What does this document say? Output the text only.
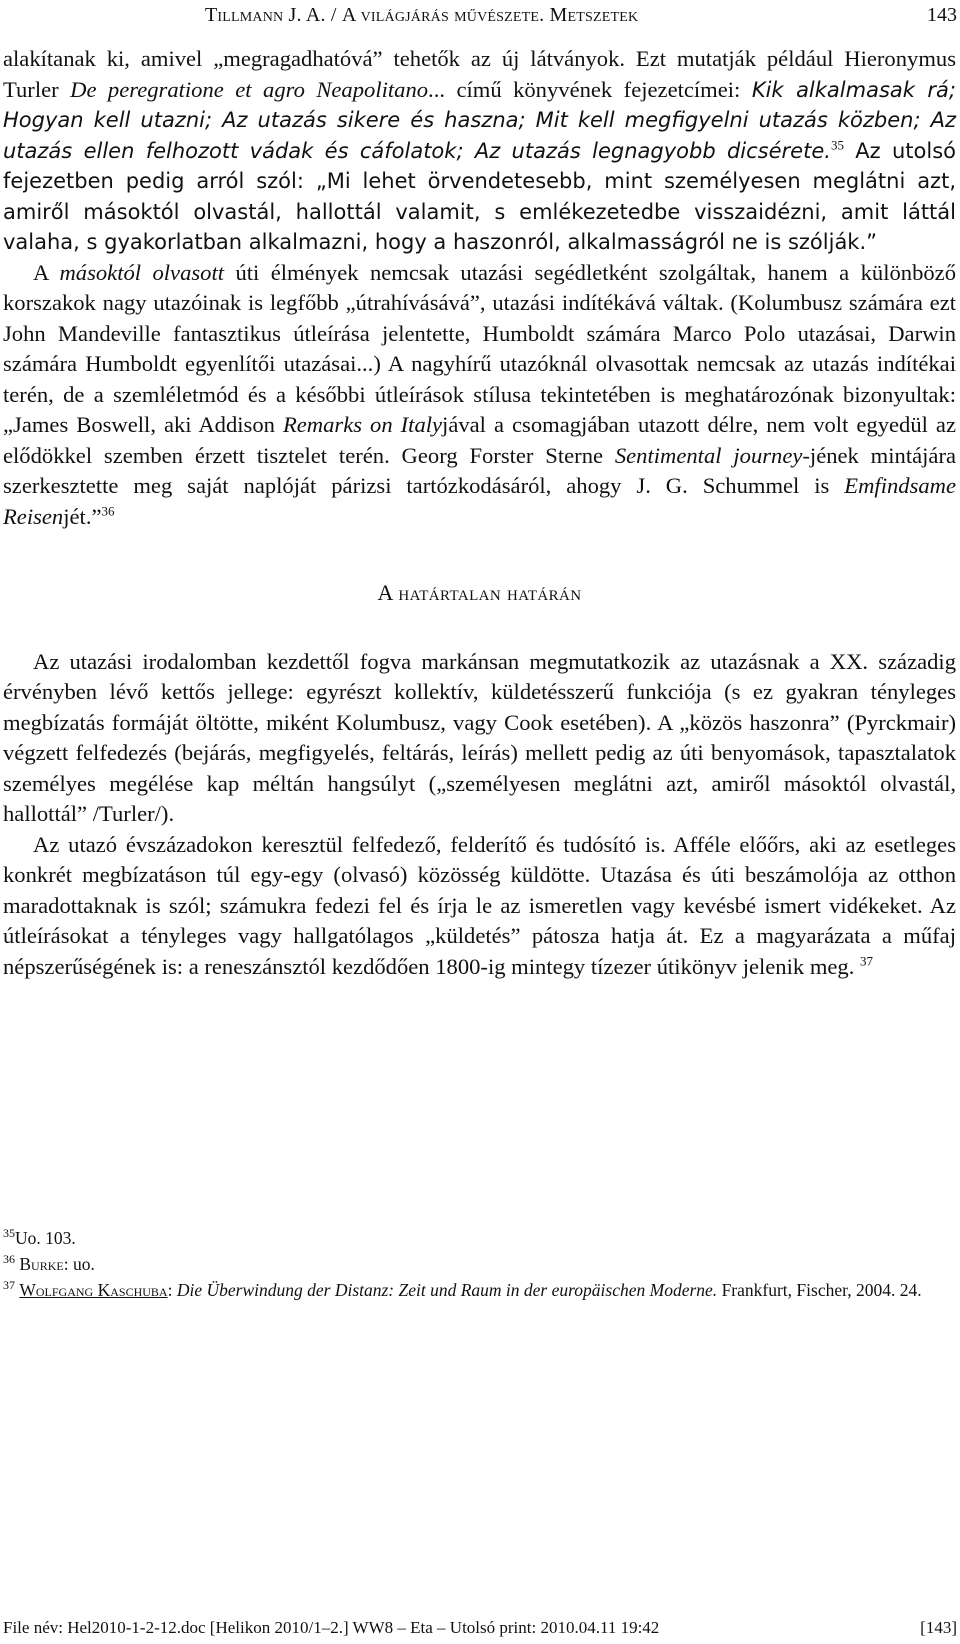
Tillmann J. A. / A világjárás művészete. Metszetek	143

alakítanak ki, amivel „megragadhatóvá” tehetők az új látványok. Ezt mutatják például Hieronymus Turler De peregratione et agro Neapolitano... című könyvének fejezetcímei: Kik alkalmasak rá; Hogyan kell utazni; Az utazás sikere és haszna; Mit kell megfigyelni utazás közben; Az utazás ellen felhozott vádak és cáfolatok; Az utazás legnagyobb dicsérete.$^{35}$ Az utolsó fejezetben pedig arról szól: „Mi lehet örvendetesebb, mint személyesen meglátni azt, amiről másoktól olvastál, hallottál valamit, s emlékezetedbe visszaidézni, amit láttál valaha, s gyakorlatban alkalmazni, hogy a haszonról, alkalmasságról ne is szólják.”

A másoktól olvasott úti élmények nemcsak utazási segédletként szolgáltak, hanem a különböző korszakok nagy utazóinak is legfőbb „útrahívásává”, utazási indítékává váltak. (Kolumbusz számára ezt John Mandeville fantasztikus útleírása jelentette, Humboldt számára Marco Polo utazásai, Darwin számára Humboldt egyenlítői utazásai...) A nagyhírű utazóknál olvasottak nemcsak az utazás indítékai terén, de a szemléletmód és a későbbi útleírások stílusa tekintetében is meghatározónak bizonyultak: „James Boswell, aki Addison Remarks on Italyjával a csomagjában utazott délre, nem volt egyedül az elődökkel szemben érzett tisztelet terén. Georg Forster Sterne Sentimental journey-jének mintájára szerkesztette meg saját naplóját párizsi tartózkodásáról, ahogy J. G. Schummel is Emfindsame Reisenjét.”$^{36}$

A határtalan határán

Az utazási irodalomban kezdettől fogva markánsan megmutatkozik az utazásnak a XX. századig érvényben lévő kettős jellege: egyrészt kollektív, küldetésszerű funkciója (s ez gyakran tényleges megbízatás formáját öltötte, miként Kolumbusz, vagy Cook esetében). A „közös haszonra” (Pyrckmair) végzett felfedezés (bejárás, megfigyelés, feltárás, leírás) mellett pedig az úti benyomások, tapasztalatok személyes megélése kap méltán hangsúlyt („személyesen meglátni azt, amiről másoktól olvastál, hallottál” /Turler/).

Az utazó évszázadokon keresztül felfedező, felderítő és tudósító is. Afféle előőrs, aki az esetleges konkrét megbízatáson túl egy-egy (olvasó) közösség küldötte. Utazása és úti beszámolója az otthon maradottaknak is szól; számukra fedezi fel és írja le az ismeretlen vagy kevésbé ismert vidékeket. Az útleírásokat a tényleges vagy hallgatólagos „küldetés” pátosza hatja át. Ez a magyarázata a műfaj népszerűségének is: a reneszánsztól kezdődően 1800-ig mintegy tízezer útikönyv jelenik meg. $^{37}$

$^{35}$Uo. 103.
$^{36}$ Burke: uo.
$^{37}$ Wolfgang Kaschuba: Die Überwindung der Distanz: Zeit und Raum in der europäischen Moderne. Frankfurt, Fischer, 2004. 24.
File név: Hel2010-1-2-12.doc [Helikon 2010/1–2.] WW8 – Eta – Utolsó print: 2010.04.11 19:42	[143]
